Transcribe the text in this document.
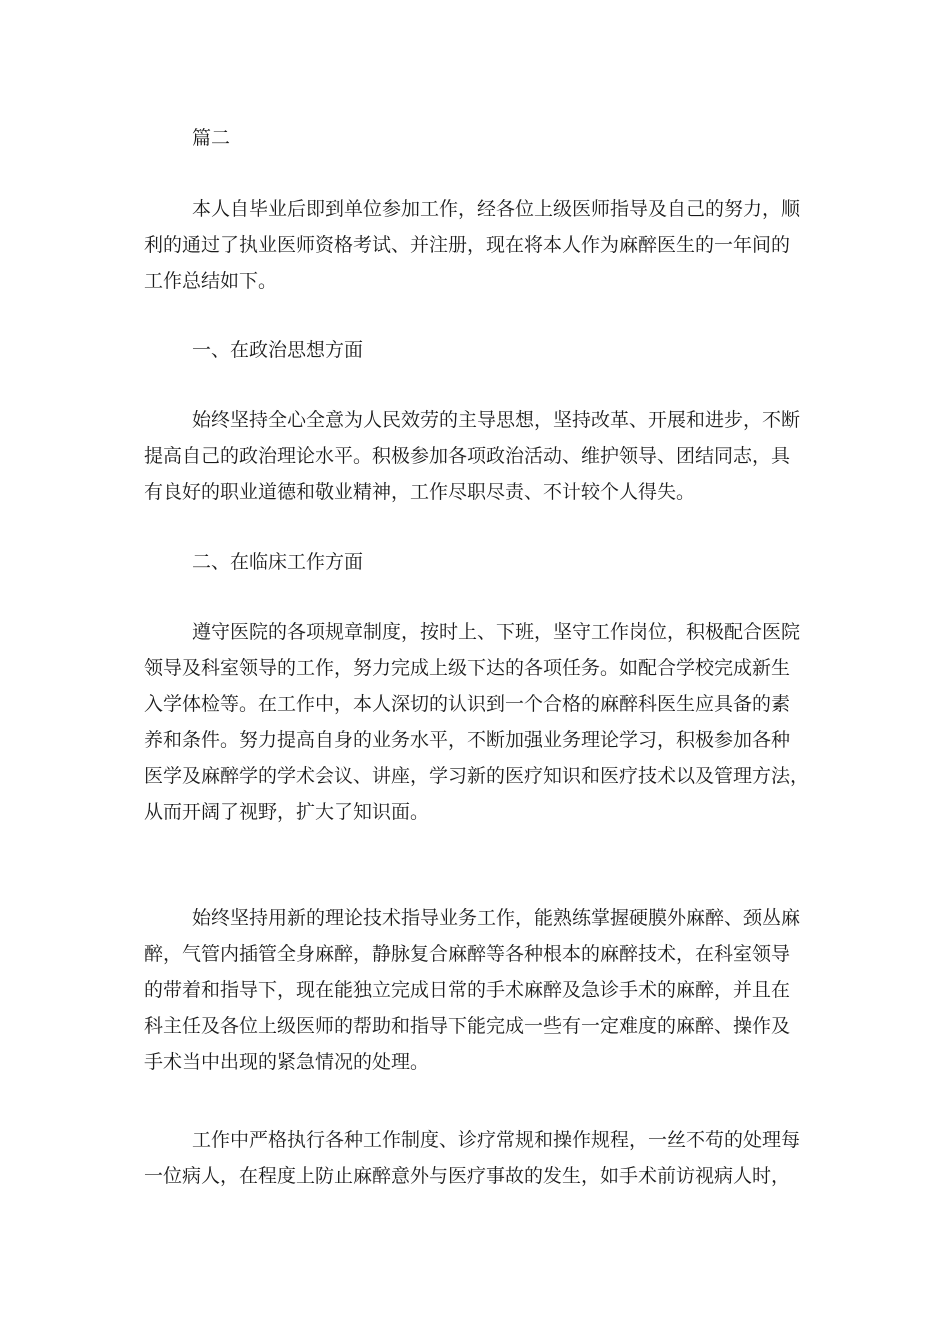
篇二

本人自毕业后即到单位参加工作，经各位上级医师指导及自己的努力，顺

利的通过了执业医师资格考试、并注册，现在将本人作为麻醉医生的一年间的

工作总结如下。

一、在政治思想方面

始终坚持全心全意为人民效劳的主导思想，坚持改革、开展和进步，不断

提高自己的政治理论水平。积极参加各项政治活动、维护领导、团结同志，具

有良好的职业道德和敬业精神，工作尽职尽责、不计较个人得失。

二、在临床工作方面

遵守医院的各项规章制度，按时上、下班，坚守工作岗位，积极配合医院

领导及科室领导的工作，努力完成上级下达的各项任务。如配合学校完成新生

入学体检等。在工作中，本人深切的认识到一个合格的麻醉科医生应具备的素

养和条件。努力提高自身的业务水平，不断加强业务理论学习，积极参加各种

医学及麻醉学的学术会议、讲座，学习新的医疗知识和医疗技术以及管理方法，

从而开阔了视野，扩大了知识面。

始终坚持用新的理论技术指导业务工作，能熟练掌握硬膜外麻醉、颈丛麻

醉，气管内插管全身麻醉，静脉复合麻醉等各种根本的麻醉技术，在科室领导

的带着和指导下，现在能独立完成日常的手术麻醉及急诊手术的麻醉，并且在

科主任及各位上级医师的帮助和指导下能完成一些有一定难度的麻醉、操作及

手术当中出现的紧急情况的处理。

工作中严格执行各种工作制度、诊疗常规和操作规程，一丝不苟的处理每

一位病人，在程度上防止麻醉意外与医疗事故的发生，如手术前访视病人时，
